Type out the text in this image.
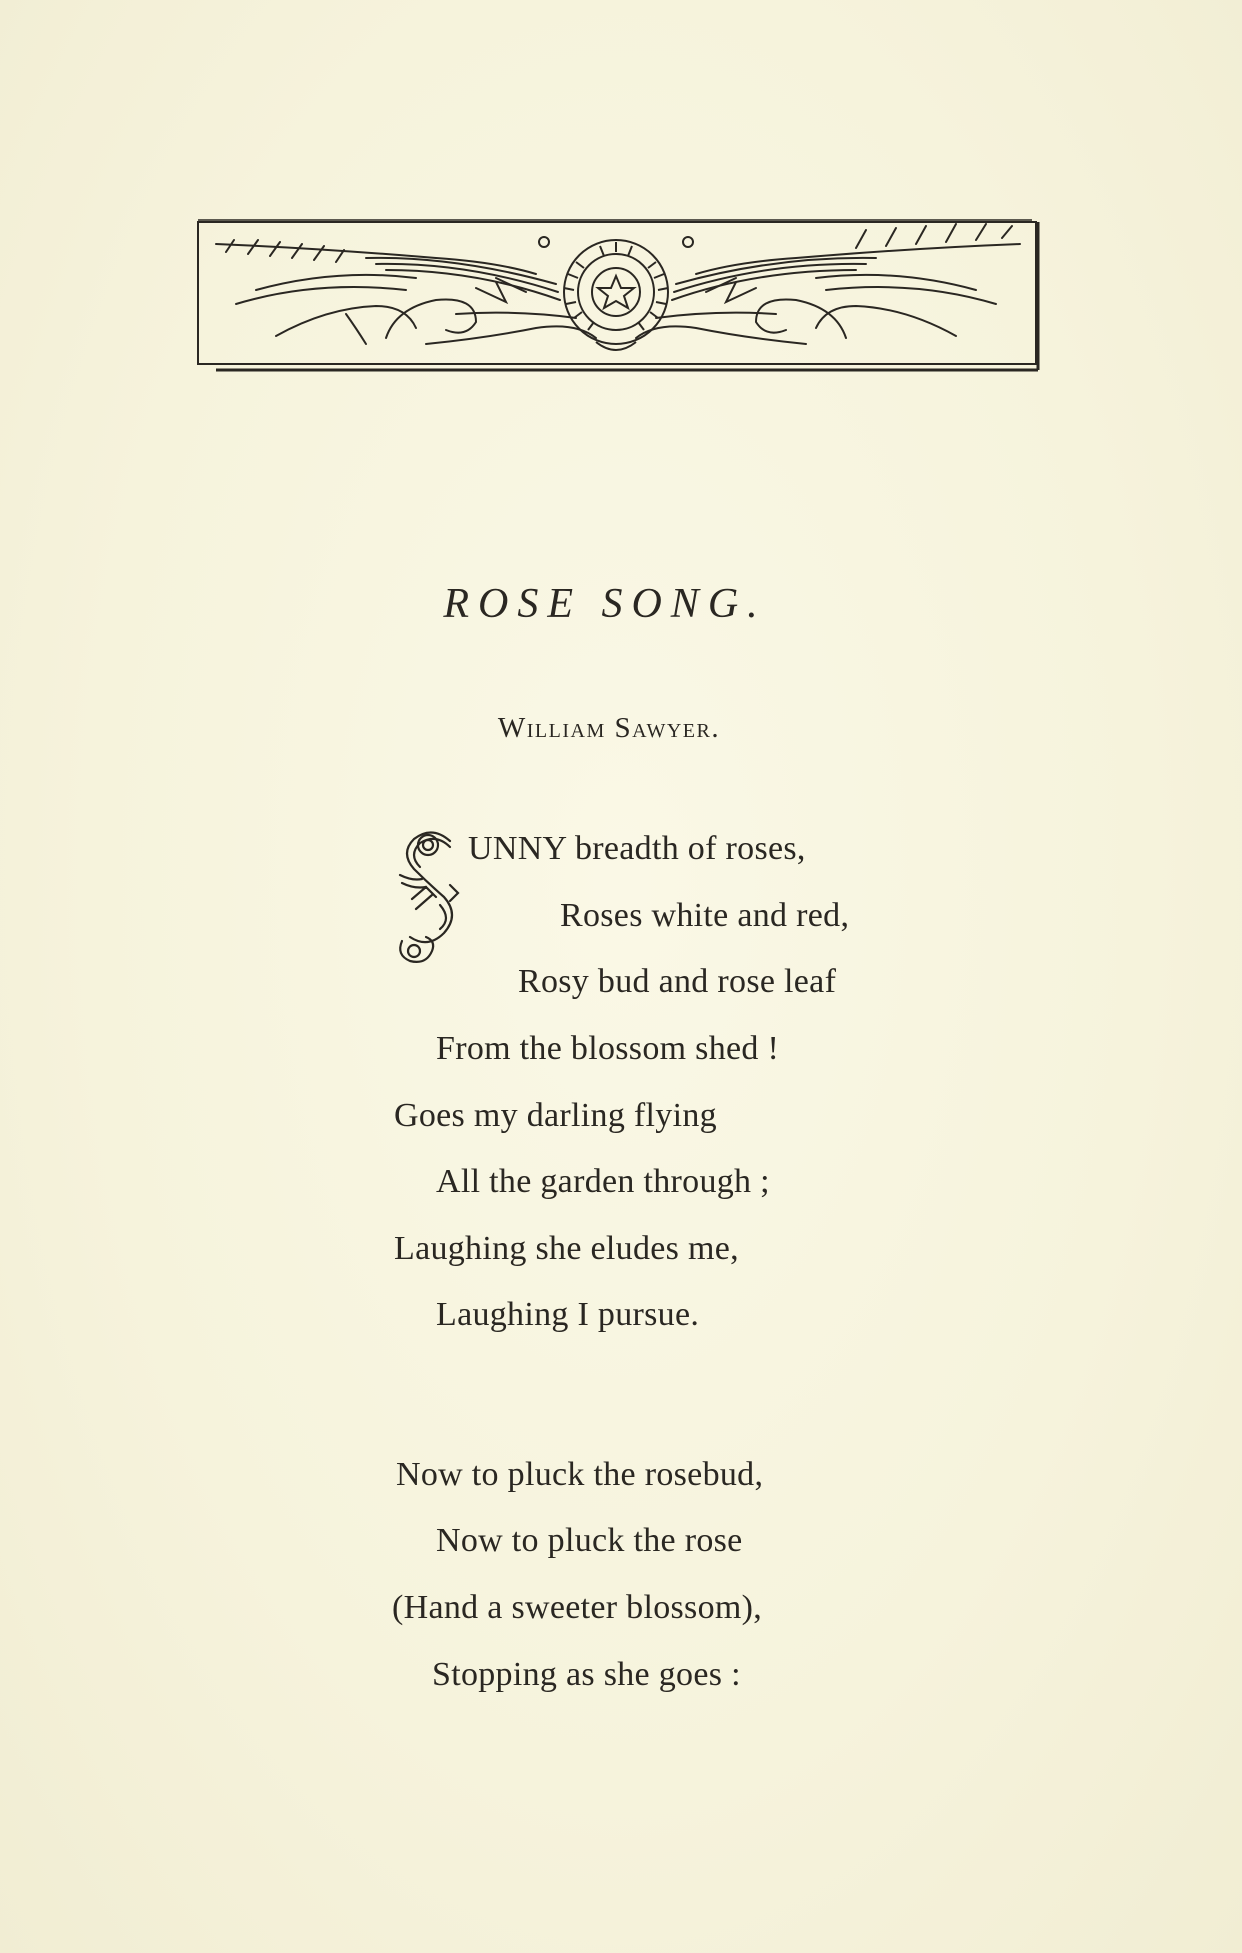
ROSE SONG.
William Sawyer.
UNNY breadth of roses,
Roses white and red,
Rosy bud and rose leaf
From the blossom shed !
Goes my darling flying
All the garden through ;
Laughing she eludes me,
Laughing I pursue.
Now to pluck the rosebud,
Now to pluck the rose
(Hand a sweeter blossom),
Stopping as she goes :
